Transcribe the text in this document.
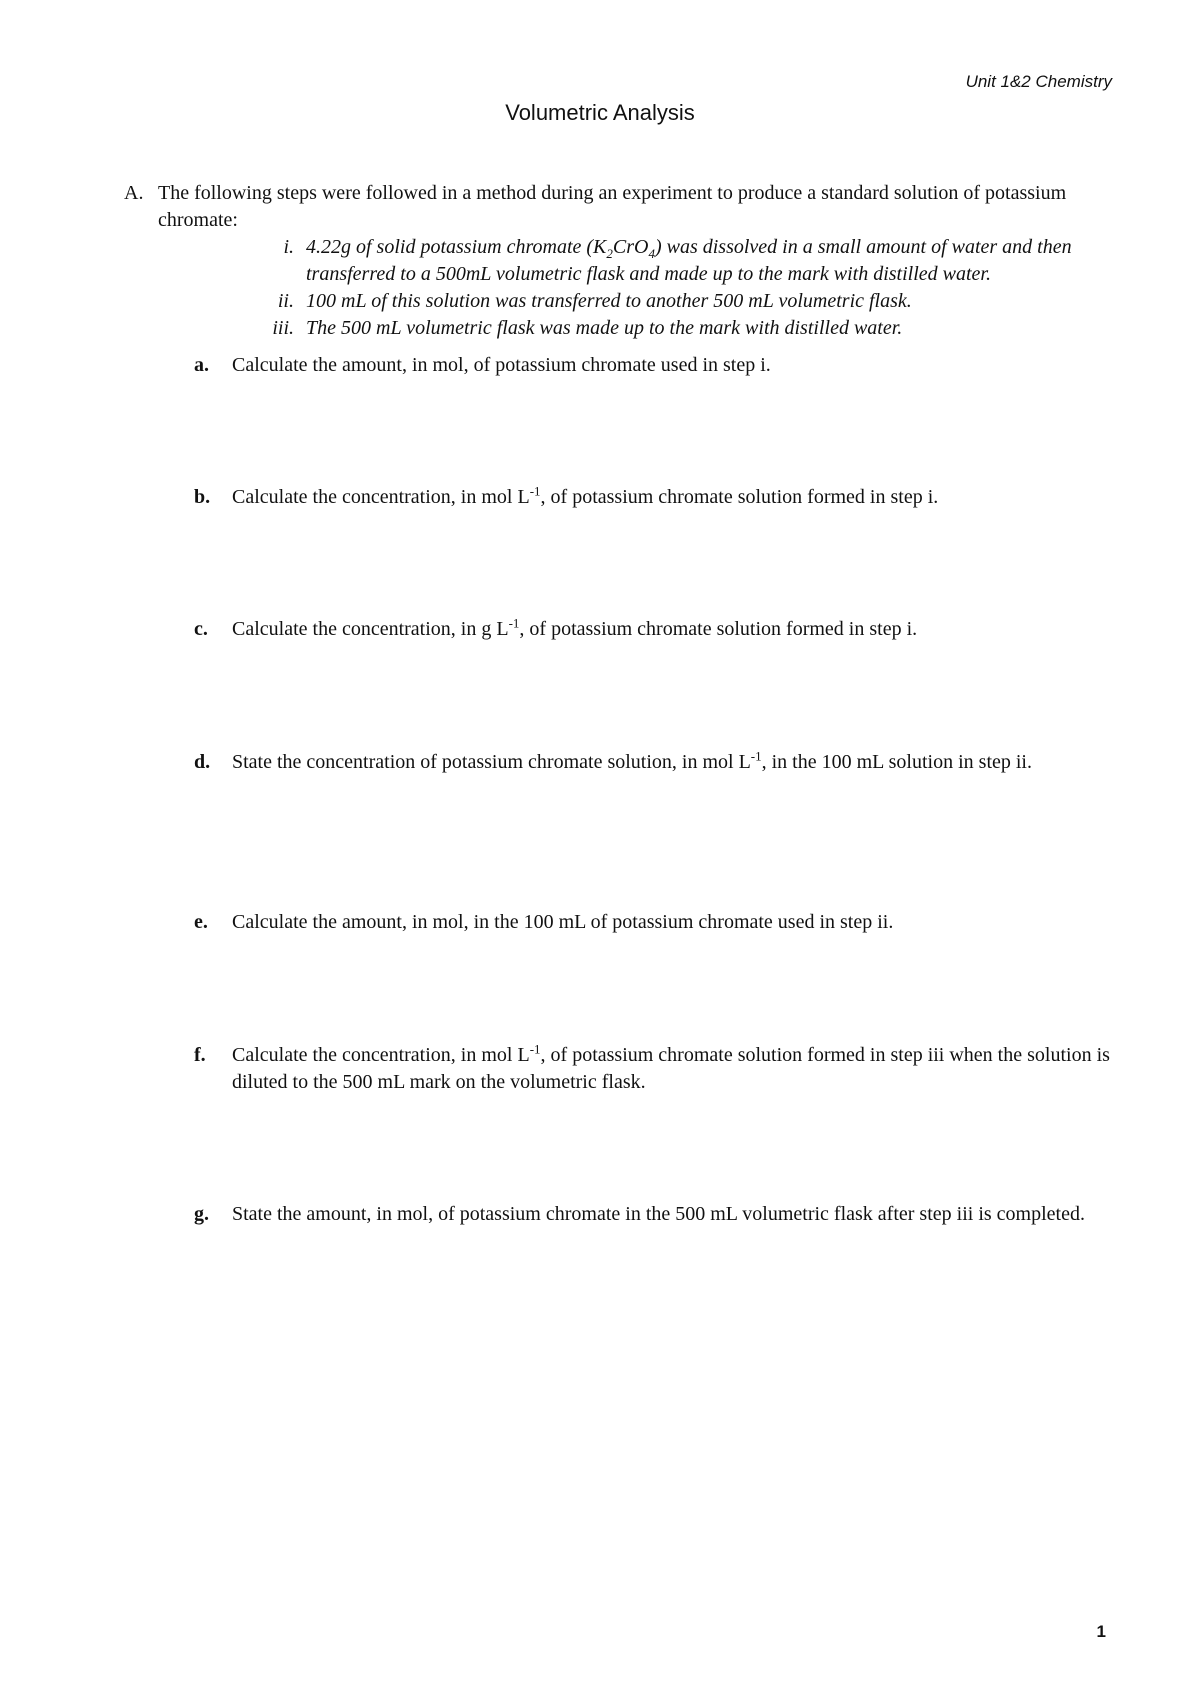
Unit 1&2 Chemistry
Volumetric Analysis
A. The following steps were followed in a method during an experiment to produce a standard solution of potassium chromate:
i. 4.22g of solid potassium chromate $(K_2CrO_4)$ was dissolved in a small amount of water and then transferred to a 500mL volumetric flask and made up to the mark with distilled water.
ii. 100 mL of this solution was transferred to another 500 mL volumetric flask.
iii. The 500 mL volumetric flask was made up to the mark with distilled water.
a. Calculate the amount, in mol, of potassium chromate used in step i.
b. Calculate the concentration, in mol $L^{-1}$, of potassium chromate solution formed in step i.
c. Calculate the concentration, in g $L^{-1}$, of potassium chromate solution formed in step i.
d. State the concentration of potassium chromate solution, in mol $L^{-1}$, in the 100 mL solution in step ii.
e. Calculate the amount, in mol, in the 100 mL of potassium chromate used in step ii.
f. Calculate the concentration, in mol $L^{-1}$, of potassium chromate solution formed in step iii when the solution is diluted to the 500 mL mark on the volumetric flask.
g. State the amount, in mol, of potassium chromate in the 500 mL volumetric flask after step iii is completed.
1
